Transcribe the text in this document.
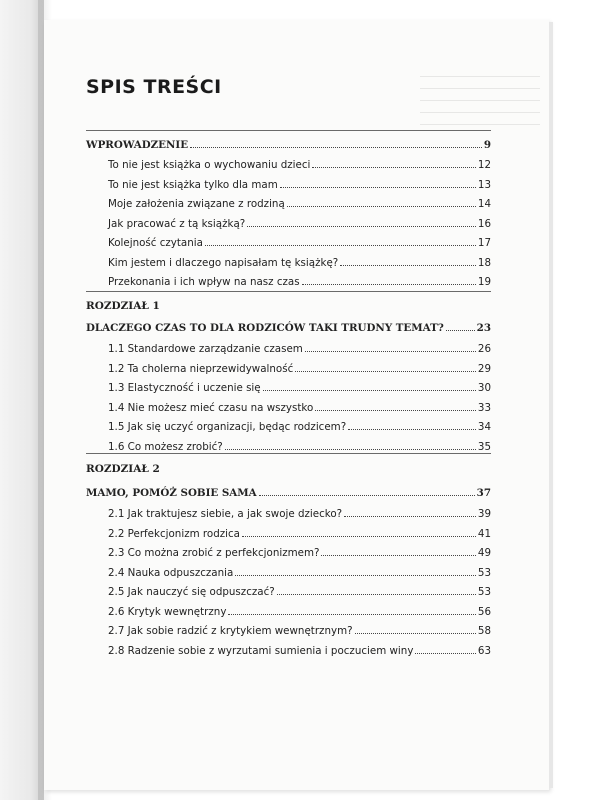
SPIS TREŚCI
WPROWADZENIE	9
To nie jest książka o wychowaniu dzieci	12
To nie jest książka tylko dla mam	13
Moje założenia związane z rodziną	14
Jak pracować z tą książką?	16
Kolejność czytania	17
Kim jestem i dlaczego napisałam tę książkę?	18
Przekonania i ich wpływ na nasz czas	19
ROZDZIAŁ 1
DLACZEGO CZAS TO DLA RODZICÓW TAKI TRUDNY TEMAT?	23
1.1 Standardowe zarządzanie czasem	26
1.2 Ta cholerna nieprzewidywalność	29
1.3 Elastyczność i uczenie się	30
1.4 Nie możesz mieć czasu na wszystko	33
1.5 Jak się uczyć organizacji, będąc rodzicem?	34
1.6 Co możesz zrobić?	35
ROZDZIAŁ 2
MAMO, POMÓŻ SOBIE SAMA	37
2.1 Jak traktujesz siebie, a jak swoje dziecko?	39
2.2 Perfekcjonizm rodzica	41
2.3 Co można zrobić z perfekcjonizmem?	49
2.4 Nauka odpuszczania	53
2.5 Jak nauczyć się odpuszczać?	53
2.6 Krytyk wewnętrzny	56
2.7 Jak sobie radzić z krytykiem wewnętrznym?	58
2.8 Radzenie sobie z wyrzutami sumienia i poczuciem winy	63
